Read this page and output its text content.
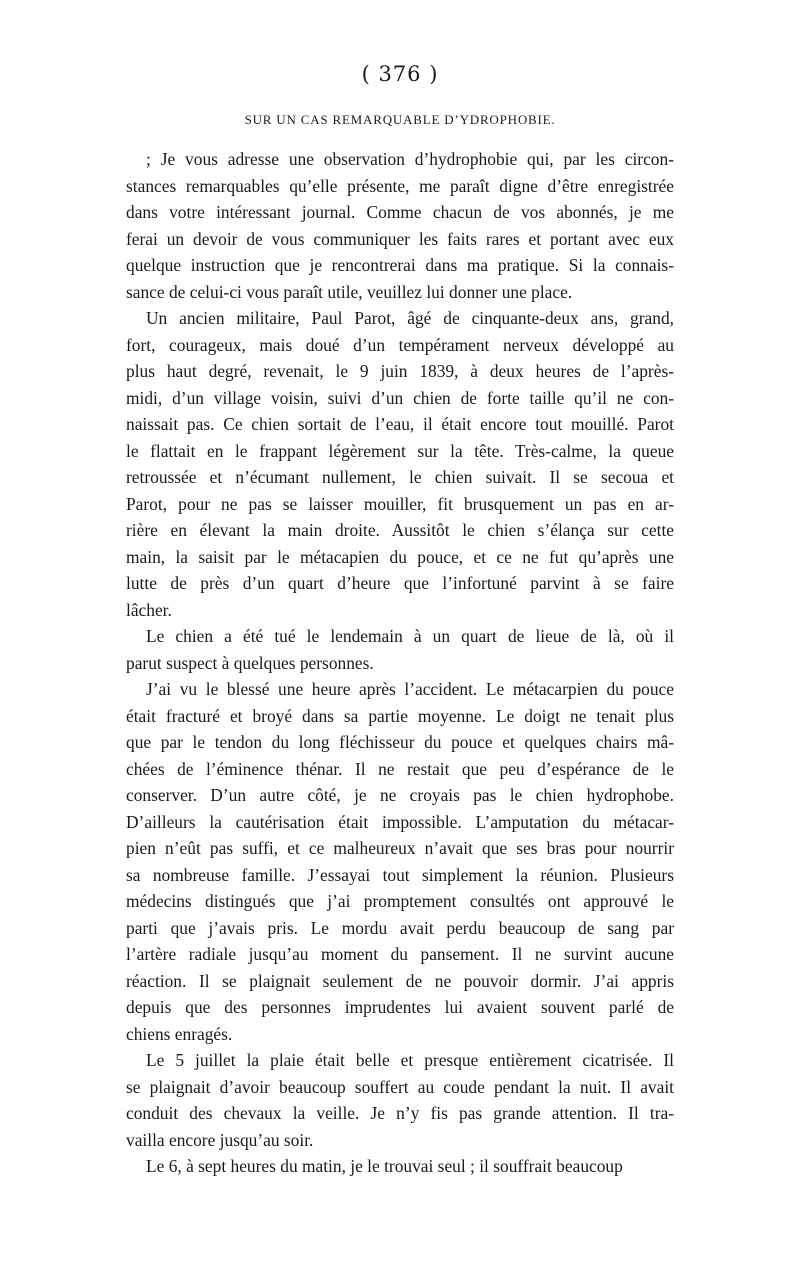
( 376 )
SUR UN CAS REMARQUABLE D’YDROPHOBIE.

; Je vous adresse une observation d’hydrophobie qui, par les circon-
stances remarquables qu’elle présente, me paraît digne d’être enregistrée
dans votre intéressant journal. Comme chacun de vos abonnés, je me
ferai un devoir de vous communiquer les faits rares et portant avec eux
quelque instruction que je rencontrerai dans ma pratique. Si la connais-
sance de celui-ci vous paraît utile, veuillez lui donner une place.

Un ancien militaire, Paul Parot, âgé de cinquante-deux ans, grand,
fort, courageux, mais doué d’un tempérament nerveux développé au
plus haut degré, revenait, le 9 juin 1839, à deux heures de l’après-
midi, d’un village voisin, suivi d’un chien de forte taille qu’il ne con-
naissait pas. Ce chien sortait de l’eau, il était encore tout mouillé. Parot
le flattait en le frappant légèrement sur la tête. Très-calme, la queue
retroussée et n’écumant nullement, le chien suivait. Il se secoua et
Parot, pour ne pas se laisser mouiller, fit brusquement un pas en ar-
rière en élevant la main droite. Aussitôt le chien s’élança sur cette
main, la saisit par le métacapien du pouce, et ce ne fut qu’après une
lutte de près d’un quart d’heure que l’infortuné parvint à se faire
lâcher.

Le chien a été tué le lendemain à un quart de lieue de là, où il
parut suspect à quelques personnes.

J’ai vu le blessé une heure après l’accident. Le métacarpien du pouce
était fracturé et broyé dans sa partie moyenne. Le doigt ne tenait plus
que par le tendon du long fléchisseur du pouce et quelques chairs mâ-
chées de l’éminence thénar. Il ne restait que peu d’espérance de le
conserver. D’un autre côté, je ne croyais pas le chien hydrophobe.
D’ailleurs la cautérisation était impossible. L’amputation du métacar-
pien n’eût pas suffi, et ce malheureux n’avait que ses bras pour nourrir
sa nombreuse famille. J’essayai tout simplement la réunion. Plusieurs
médecins distingués que j’ai promptement consultés ont approuvé le
parti que j’avais pris. Le mordu avait perdu beaucoup de sang par
l’artère radiale jusqu’au moment du pansement. Il ne survint aucune
réaction. Il se plaignait seulement de ne pouvoir dormir. J’ai appris
depuis que des personnes imprudentes lui avaient souvent parlé de
chiens enragés.

Le 5 juillet la plaie était belle et presque entièrement cicatrisée. Il
se plaignait d’avoir beaucoup souffert au coude pendant la nuit. Il avait
conduit des chevaux la veille. Je n’y fis pas grande attention. Il tra-
vailla encore jusqu’au soir.

Le 6, à sept heures du matin, je le trouvai seul ; il souffrait beaucoup
